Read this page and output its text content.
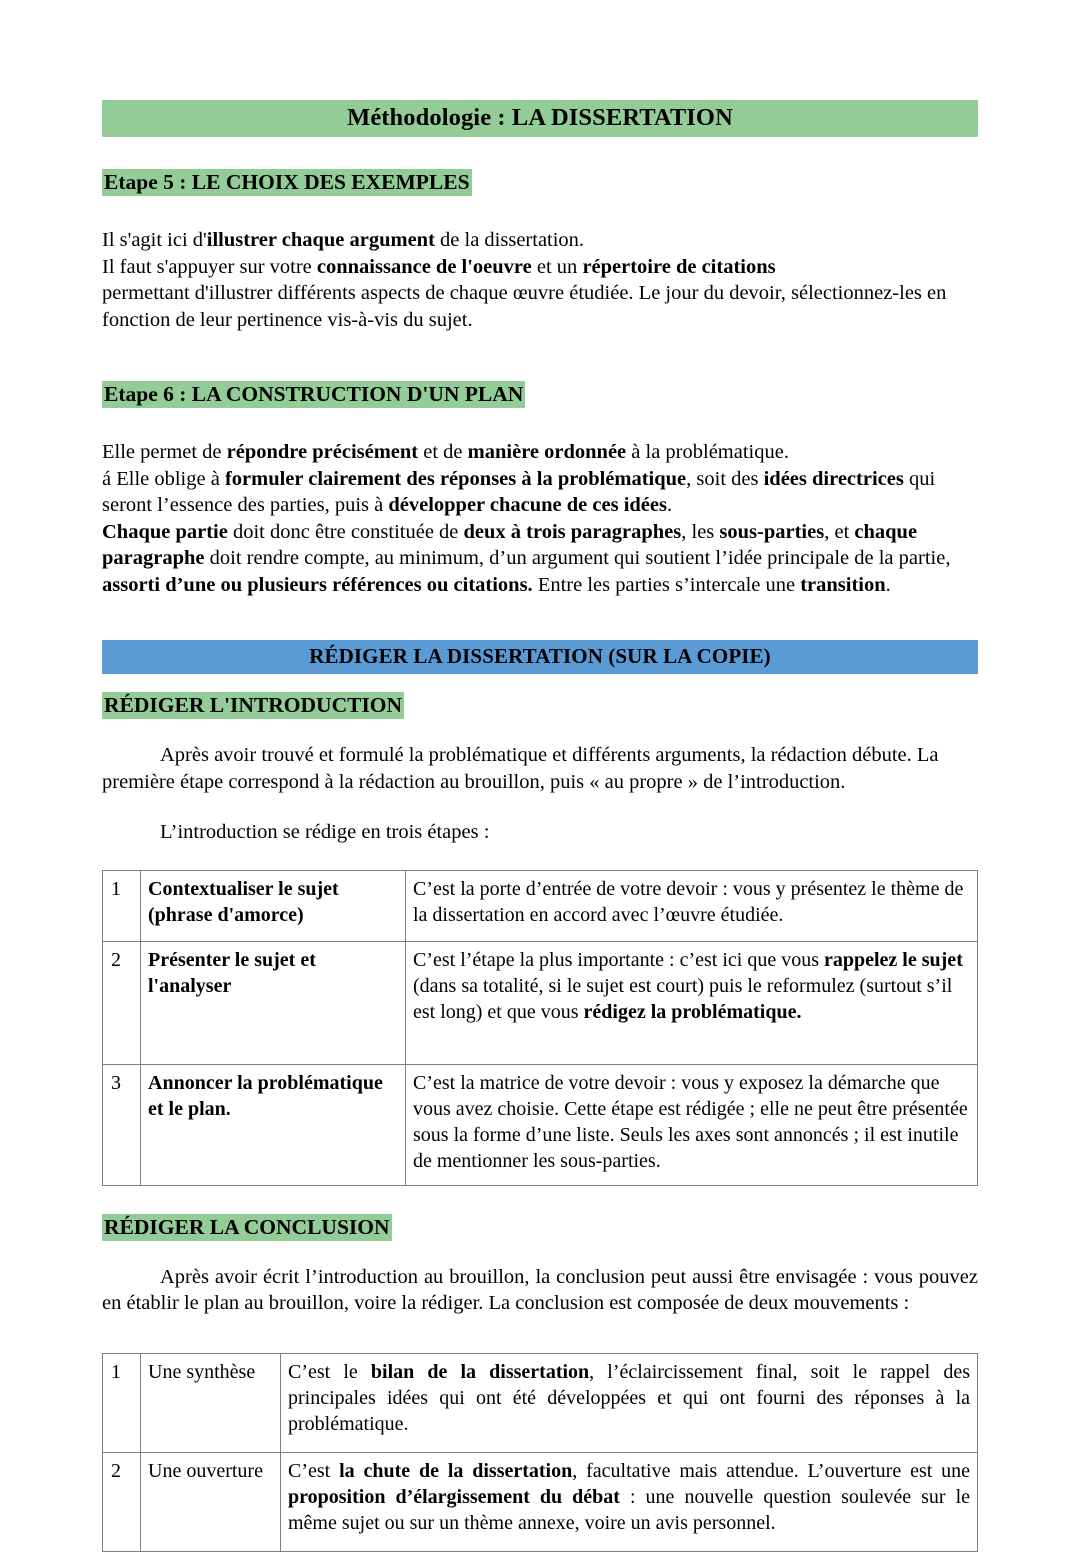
Méthodologie : LA DISSERTATION
Etape 5 : LE CHOIX DES EXEMPLES

Il s'agit ici d'illustrer chaque argument de la dissertation.
Il faut s'appuyer sur votre connaissance de l'oeuvre et un répertoire de citations
permettant d'illustrer différents aspects de chaque œuvre étudiée. Le jour du devoir, sélectionnez-les en fonction de leur pertinence vis-à-vis du sujet.

Etape 6 : LA CONSTRUCTION D'UN PLAN

Elle permet de répondre précisément et de manière ordonnée à la problématique.
á Elle oblige à formuler clairement des réponses à la problématique, soit des idées directrices qui seront l’essence des parties, puis à développer chacune de ces idées.
Chaque partie doit donc être constituée de deux à trois paragraphes, les sous-parties, et chaque paragraphe doit rendre compte, au minimum, d’un argument qui soutient l’idée principale de la partie, assorti d’une ou plusieurs références ou citations. Entre les parties s’intercale une transition.

RÉDIGER LA DISSERTATION (SUR LA COPIE)
RÉDIGER L'INTRODUCTION

Après avoir trouvé et formulé la problématique et différents arguments, la rédaction débute. La première étape correspond à la rédaction au brouillon, puis « au propre » de l’introduction.

L’introduction se rédige en trois étapes :

1	Contextualiser le sujet (phrase d'amorce)	C’est la porte d’entrée de votre devoir : vous y présentez le thème de la dissertation en accord avec l’œuvre étudiée.
2	Présenter le sujet et l'analyser	C’est l’étape la plus importante : c’est ici que vous rappelez le sujet (dans sa totalité, si le sujet est court) puis le reformulez (surtout s’il est long) et que vous rédigez la problématique.
3	Annoncer la problématique et le plan.	C’est la matrice de votre devoir : vous y exposez la démarche que vous avez choisie. Cette étape est rédigée ; elle ne peut être présentée sous la forme d’une liste. Seuls les axes sont annoncés ; il est inutile de mentionner les sous-parties.
RÉDIGER LA CONCLUSION

Après avoir écrit l’introduction au brouillon, la conclusion peut aussi être envisagée : vous pouvez en établir le plan au brouillon, voire la rédiger. La conclusion est composée de deux mouvements :

1	Une synthèse	C’est le bilan de la dissertation, l’éclaircissement final, soit le rappel des principales idées qui ont été développées et qui ont fourni des réponses à la problématique.
2	Une ouverture	C’est la chute de la dissertation, facultative mais attendue. L’ouverture est une proposition d’élargissement du débat : une nouvelle question soulevée sur le même sujet ou sur un thème annexe, voire un avis personnel.
